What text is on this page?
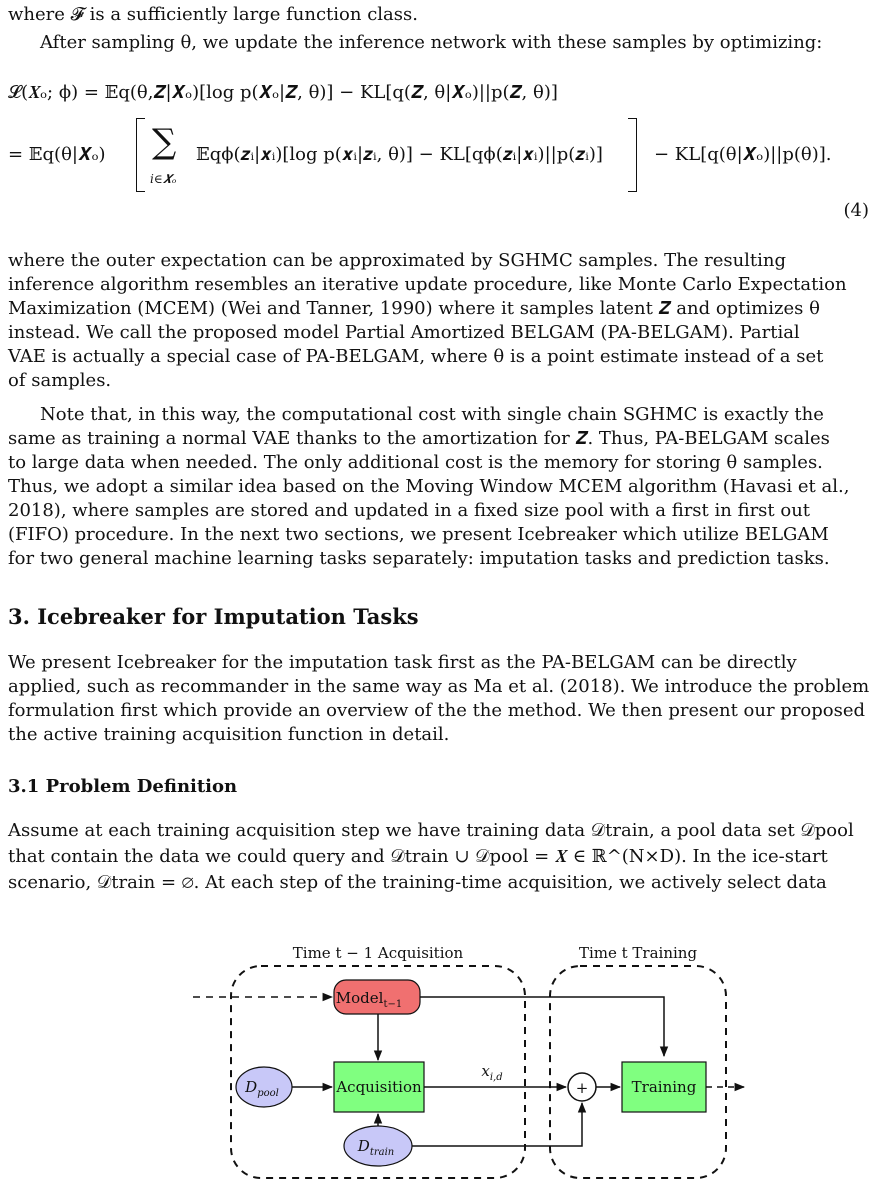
where 𝓕 is a sufficiently large function class.
After sampling θ, we update the inference network with these samples by optimizing:
𝓛(𝑿ₒ; ϕ) = 𝔼q(θ,𝒁|𝑿ₒ)[log p(𝑿ₒ|𝒁, θ)] − KL[q(𝒁, θ|𝑿ₒ)||p(𝒁, θ)]
= 𝔼q(θ|𝑿ₒ) ∑
i∈𝑿ₒ
𝔼qϕ(𝒛ᵢ|𝒙ᵢ)[log p(𝒙ᵢ|𝒛ᵢ, θ)] − KL[qϕ(𝒛ᵢ|𝒙ᵢ)||p(𝒛ᵢ)]	− KL[q(θ|𝑿ₒ)||p(θ)].
(4)
where the outer expectation can be approximated by SGHMC samples. The resulting
inference algorithm resembles an iterative update procedure, like Monte Carlo Expectation
Maximization (MCEM) (Wei and Tanner, 1990) where it samples latent 𝒁 and optimizes θ
instead. We call the proposed model Partial Amortized BELGAM (PA-BELGAM). Partial
VAE is actually a special case of PA-BELGAM, where θ is a point estimate instead of a set
of samples.
Note that, in this way, the computational cost with single chain SGHMC is exactly the
same as training a normal VAE thanks to the amortization for 𝒁. Thus, PA-BELGAM scales
to large data when needed. The only additional cost is the memory for storing θ samples.
Thus, we adopt a similar idea based on the Moving Window MCEM algorithm (Havasi et al.,
2018), where samples are stored and updated in a fixed size pool with a first in first out
(FIFO) procedure. In the next two sections, we present Icebreaker which utilize BELGAM
for two general machine learning tasks separately: imputation tasks and prediction tasks.
3. Icebreaker for Imputation Tasks
We present Icebreaker for the imputation task first as the PA-BELGAM can be directly
applied, such as recommander in the same way as Ma et al. (2018). We introduce the problem
formulation first which provide an overview of the the method. We then present our proposed
the active training acquisition function in detail.
3.1 Problem Definition
Assume at each training acquisition step we have training data 𝒟train, a pool data set 𝒟pool
that contain the data we could query and 𝒟train ∪ 𝒟pool = 𝑿 ∈ ℝ^(N×D). In the ice-start
scenario, 𝒟train = ∅. At each step of the training-time acquisition, we actively select data
Time t − 1 Acquisition	Time t Training
Model$_{t-1}$
Acquisition
$D_{pool}$
$x_{i,d}$
+	Training
$D_{train}$
